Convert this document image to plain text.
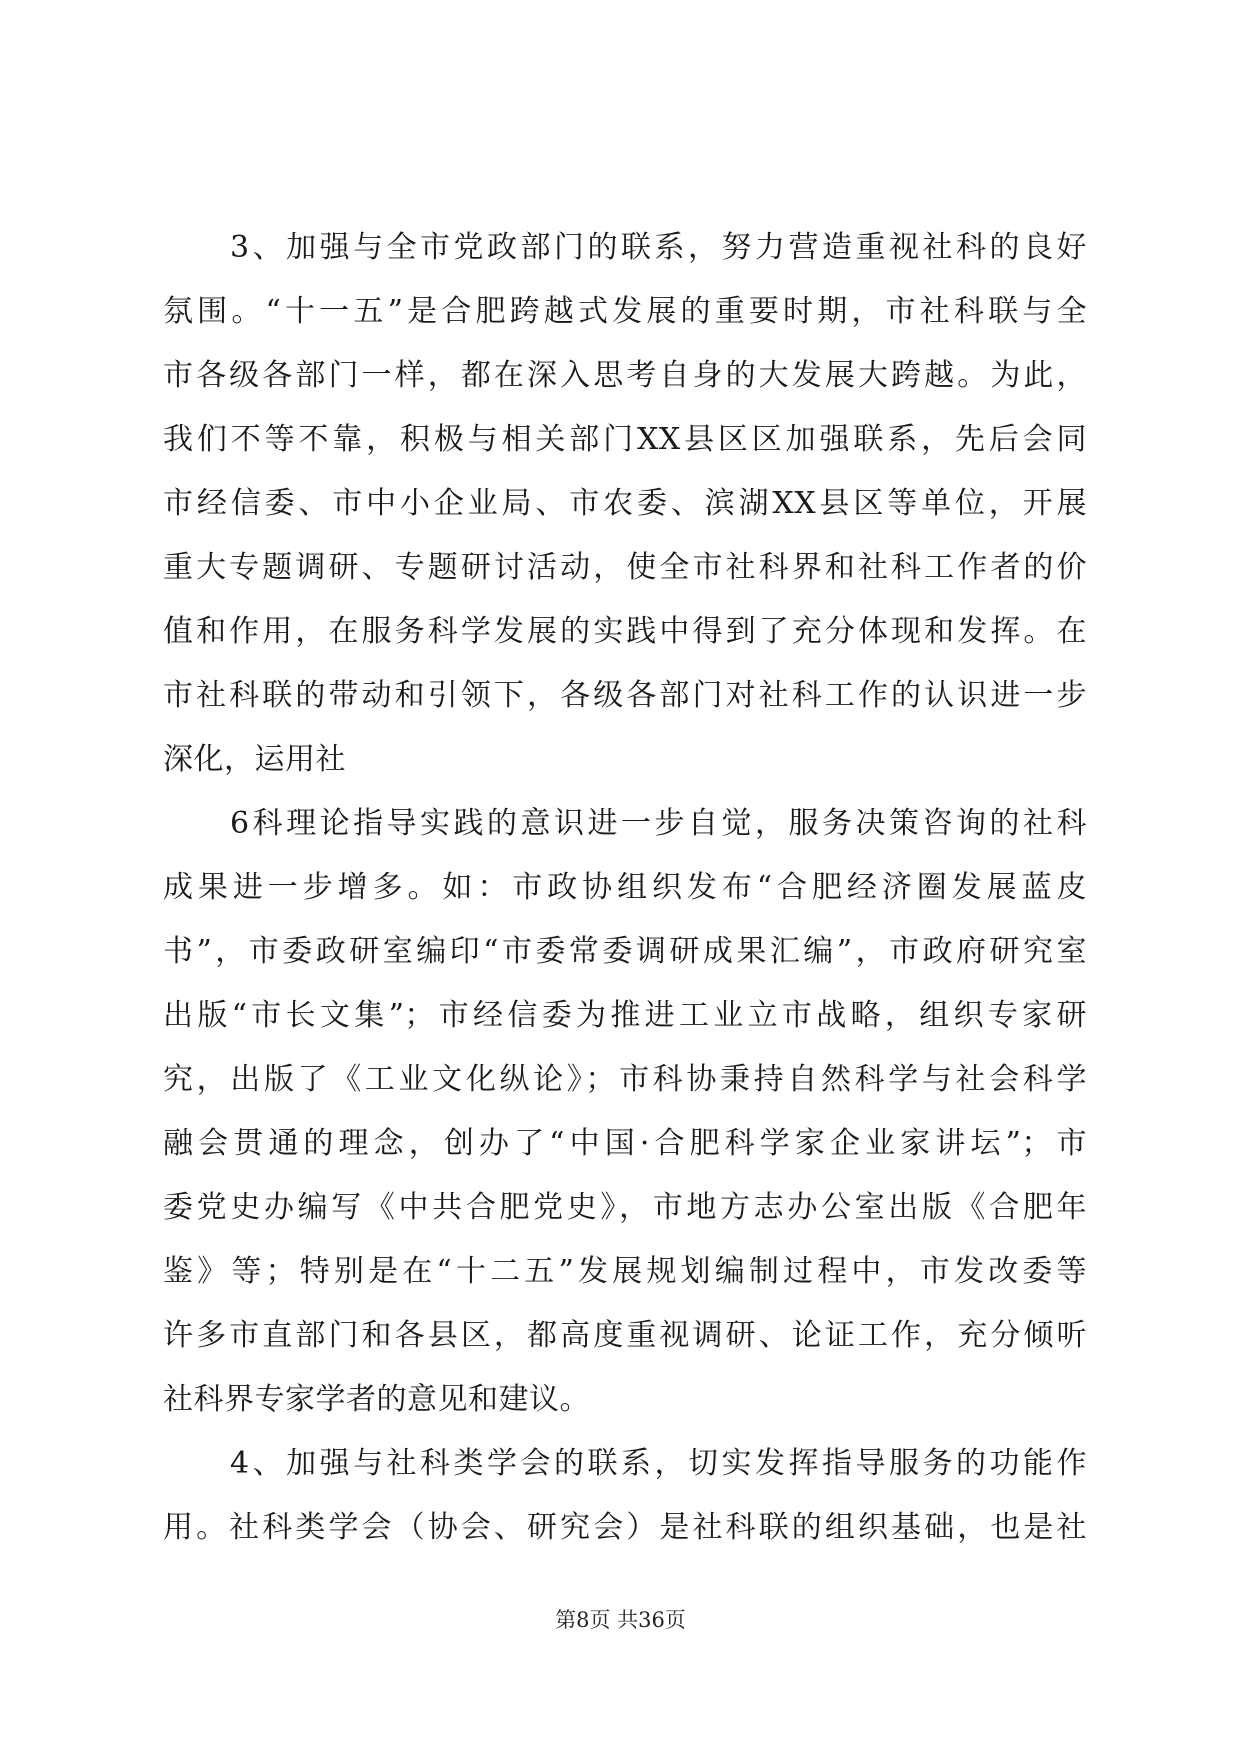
　　3、加强与全市党政部门的联系，努力营造重视社科的良好
氛围。“十一五”是合肥跨越式发展的重要时期，市社科联与全
市各级各部门一样，都在深入思考自身的大发展大跨越。为此，
我们不等不靠，积极与相关部门XX县区区加强联系，先后会同
市经信委、市中小企业局、市农委、滨湖XX县区等单位，开展
重大专题调研、专题研讨活动，使全市社科界和社科工作者的价
值和作用，在服务科学发展的实践中得到了充分体现和发挥。在
市社科联的带动和引领下，各级各部门对社科工作的认识进一步
深化，运用社
　　6科理论指导实践的意识进一步自觉，服务决策咨询的社科
成果进一步增多。如：市政协组织发布“合肥经济圈发展蓝皮
书”，市委政研室编印“市委常委调研成果汇编”，市政府研究室
出版“市长文集”；市经信委为推进工业立市战略，组织专家研
究，出版了《工业文化纵论》；市科协秉持自然科学与社会科学
融会贯通的理念，创办了“中国·合肥科学家企业家讲坛”；市
委党史办编写《中共合肥党史》，市地方志办公室出版《合肥年
鉴》等；特别是在“十二五”发展规划编制过程中，市发改委等
许多市直部门和各县区，都高度重视调研、论证工作，充分倾听
社科界专家学者的意见和建议。
　　4、加强与社科类学会的联系，切实发挥指导服务的功能作
用。社科类学会（协会、研究会）是社科联的组织基础，也是社
第8页 共36页
